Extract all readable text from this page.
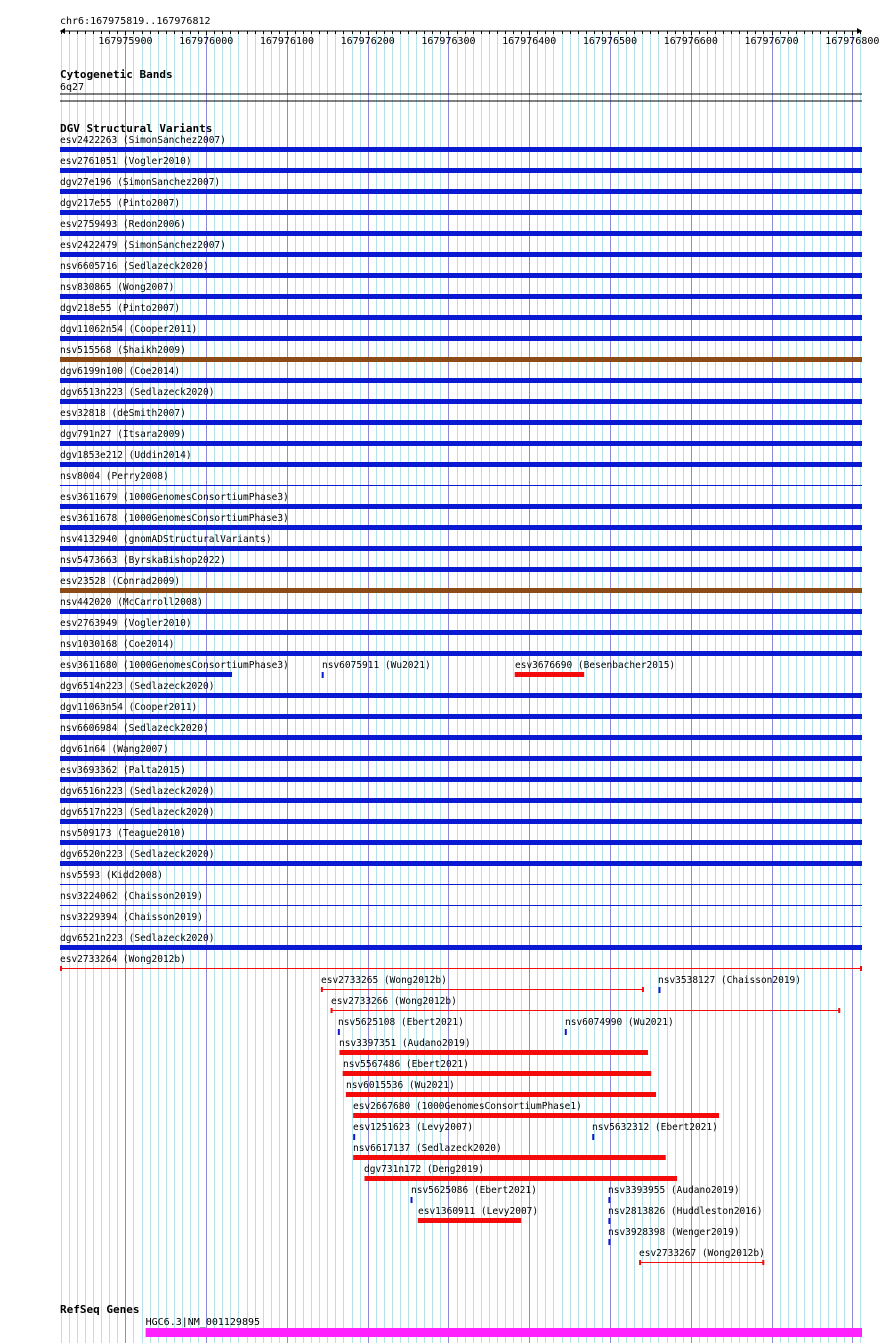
chr6:167975819..167976812
167975900	167976000	167976100	167976200	167976300	167976400	167976500	167976600	167976700	167976800
Cytogenetic Bands
6q27
DGV Structural Variants
esv2422263 (SimonSanchez2007)
esv2761051 (Vogler2010)
dgv27e196 (SimonSanchez2007)
dgv217e55 (Pinto2007)
esv2759493 (Redon2006)
esv2422479 (SimonSanchez2007)
nsv6605716 (Sedlazeck2020)
nsv830865 (Wong2007)
dgv218e55 (Pinto2007)
dgv11062n54 (Cooper2011)
nsv515568 (Shaikh2009)
dgv6199n100 (Coe2014)
dgv6513n223 (Sedlazeck2020)
esv32818 (deSmith2007)
dgv791n27 (Itsara2009)
dgv1853e212 (Uddin2014)
nsv8004 (Perry2008)
esv3611679 (1000GenomesConsortiumPhase3)
esv3611678 (1000GenomesConsortiumPhase3)
nsv4132940 (gnomADStructuralVariants)
nsv5473663 (ByrskaBishop2022)
esv23528 (Conrad2009)
nsv442020 (McCarroll2008)
esv2763949 (Vogler2010)
nsv1030168 (Coe2014)
esv3611680 (1000GenomesConsortiumPhase3)	nsv6075911 (Wu2021)	esv3676690 (Besenbacher2015)
dgv6514n223 (Sedlazeck2020)
dgv11063n54 (Cooper2011)
nsv6606984 (Sedlazeck2020)
dgv61n64 (Wang2007)
esv3693362 (Palta2015)
dgv6516n223 (Sedlazeck2020)
dgv6517n223 (Sedlazeck2020)
nsv509173 (Teague2010)
dgv6520n223 (Sedlazeck2020)
nsv5593 (Kidd2008)
nsv3224062 (Chaisson2019)
nsv3229394 (Chaisson2019)
dgv6521n223 (Sedlazeck2020)
esv2733264 (Wong2012b)
esv2733265 (Wong2012b)	nsv3538127 (Chaisson2019)
esv2733266 (Wong2012b)
nsv5625108 (Ebert2021)	nsv6074990 (Wu2021)
nsv3397351 (Audano2019)
nsv5567486 (Ebert2021)
nsv6015536 (Wu2021)
esv2667680 (1000GenomesConsortiumPhase1)
esv1251623 (Levy2007)	nsv5632312 (Ebert2021)
nsv6617137 (Sedlazeck2020)
dgv731n172 (Deng2019)
nsv5625086 (Ebert2021)	nsv3393955 (Audano2019)
esv1360911 (Levy2007)	nsv2813826 (Huddleston2016)
nsv3928398 (Wenger2019)
esv2733267 (Wong2012b)
RefSeq Genes
HGC6.3|NM_001129895
